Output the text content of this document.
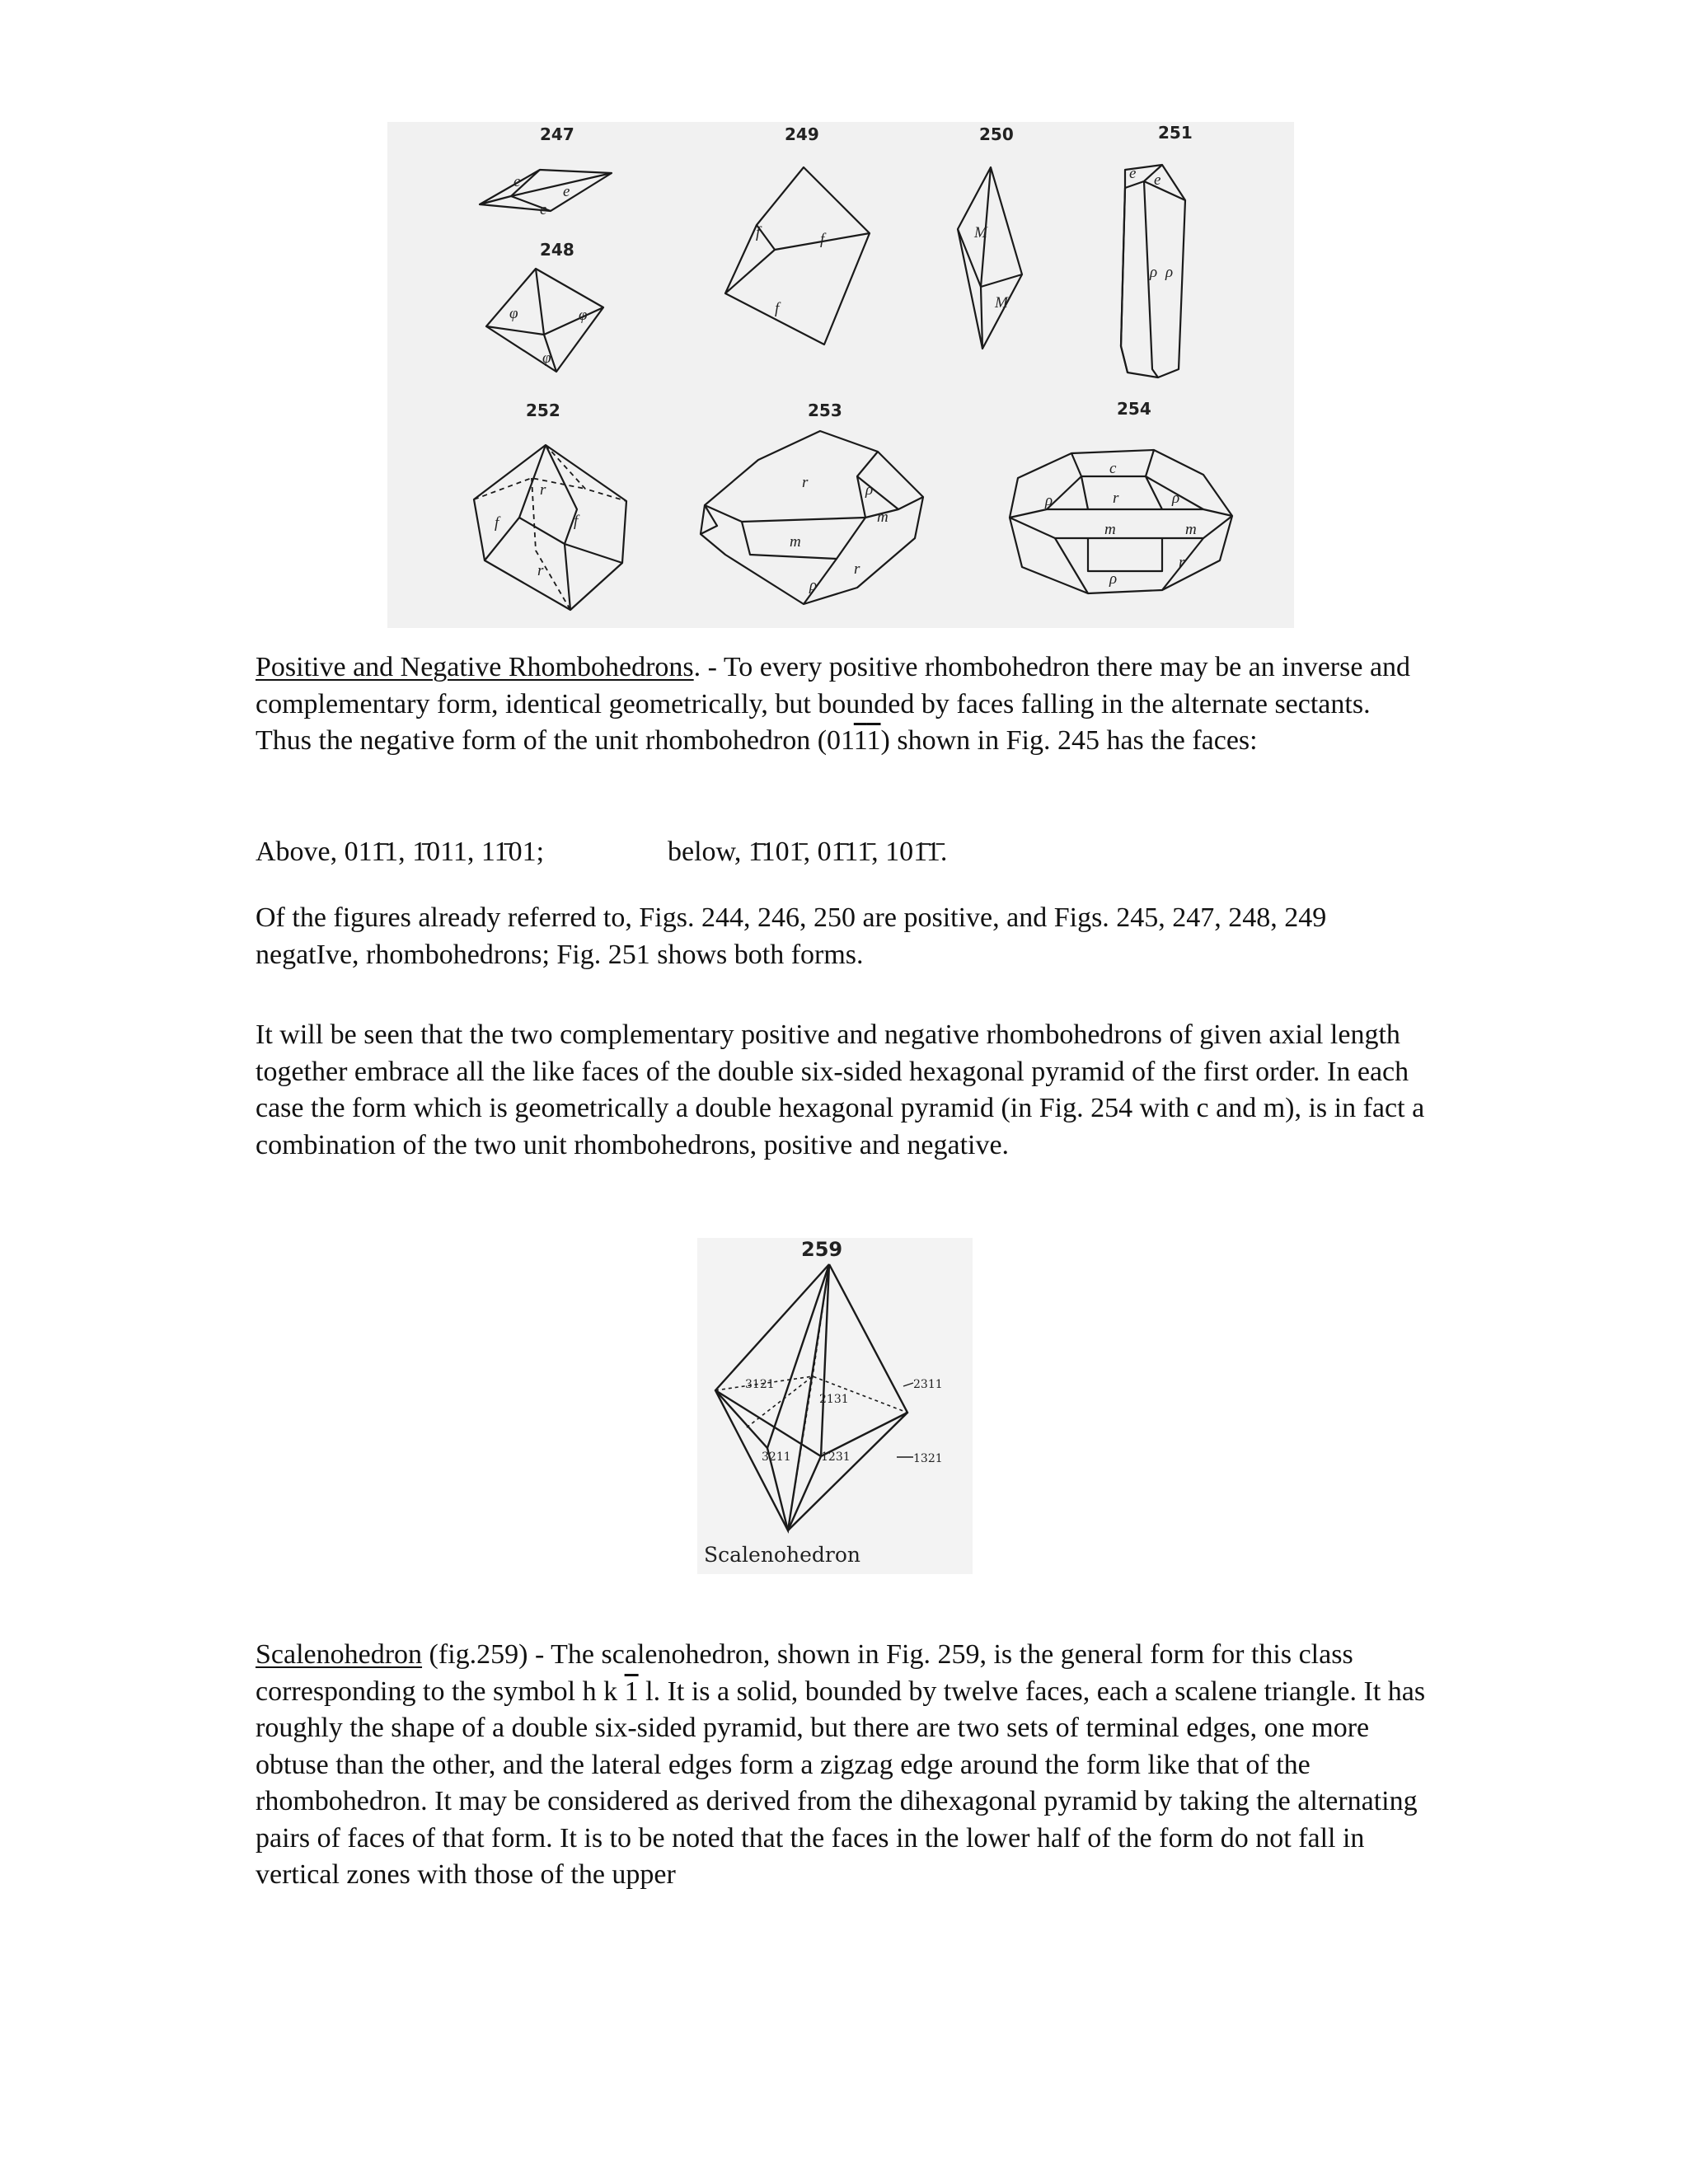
247
248
249	250	251
252	253	254
e
e
e
φ	φ
φ
f	f
f
M
M
e e
ρ ρ
r
f	f
r
r	ρ
m
m
r
ρ
c
ρ	r	ρ
m	m
ρ
r

Positive and Negative Rhombohedrons. - To every positive rhombohedron there may be an inverse and complementary form, identical geometrically, but bounded by faces falling in the alternate sectants. Thus the negative form of the unit rhombohedron (0111) shown in Fig. 245 has the faces:

Above, 011̄1, 1̄011, 11̄01;	below, 1̄101̄, 01̄11̄, 101̄1̄.

Of the figures already referred to, Figs. 244, 246, 250 are positive, and Figs. 245, 247, 248, 249 negatIve, rhombohedrons; Fig. 251 shows both forms.

It will be seen that the two complementary positive and negative rhombohedrons of given axial length together embrace all the like faces of the double six-sided hexagonal pyramid of the first order. In each case the form which is geometrically a double hexagonal pyramid (in Fig. 254 with c and m), is in fact a combination of the two unit rhombohedrons, positive and negative.

259
3121
2131
2311
3211	1231	1321
Scalenohedron

Scalenohedron (fig.259) - The scalenohedron, shown in Fig. 259, is the general form for this class corresponding to the symbol h k 1 l. It is a solid, bounded by twelve faces, each a scalene triangle. It has roughly the shape of a double six-sided pyramid, but there are two sets of terminal edges, one more obtuse than the other, and the lateral edges form a zigzag edge around the form like that of the rhombohedron. It may be considered as derived from the dihexagonal pyramid by taking the alternating pairs of faces of that form. It is to be noted that the faces in the lower half of the form do not fall in vertical zones with those of the upper
